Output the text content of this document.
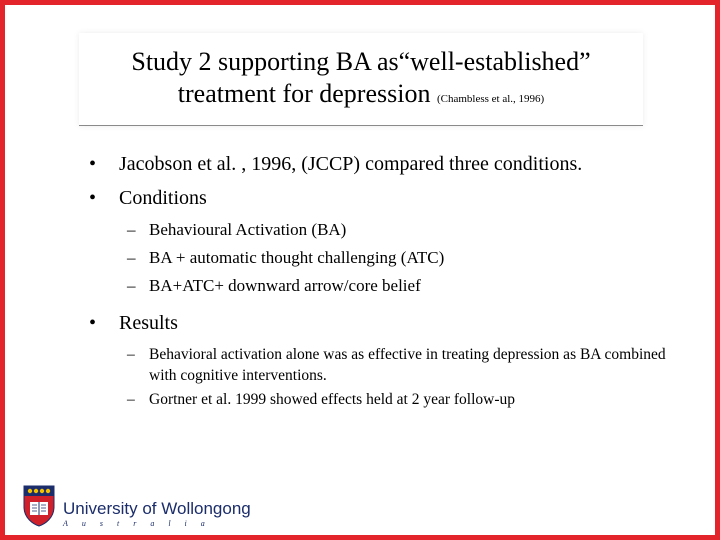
Study 2 supporting BA as“well-established”
treatment for depression (Chambless et al., 1996)
•	Jacobson et al. , 1996, (JCCP) compared three conditions.
•	Conditions
– Behavioural Activation (BA)
– BA + automatic thought challenging (ATC)
– BA+ATC+ downward arrow/core belief
•	Results
– Behavioral activation alone was as effective in treating depression as BA combined with cognitive interventions.
– Gortner et al. 1999 showed effects held at 2 year follow-up
University of Wollongong
Australia
